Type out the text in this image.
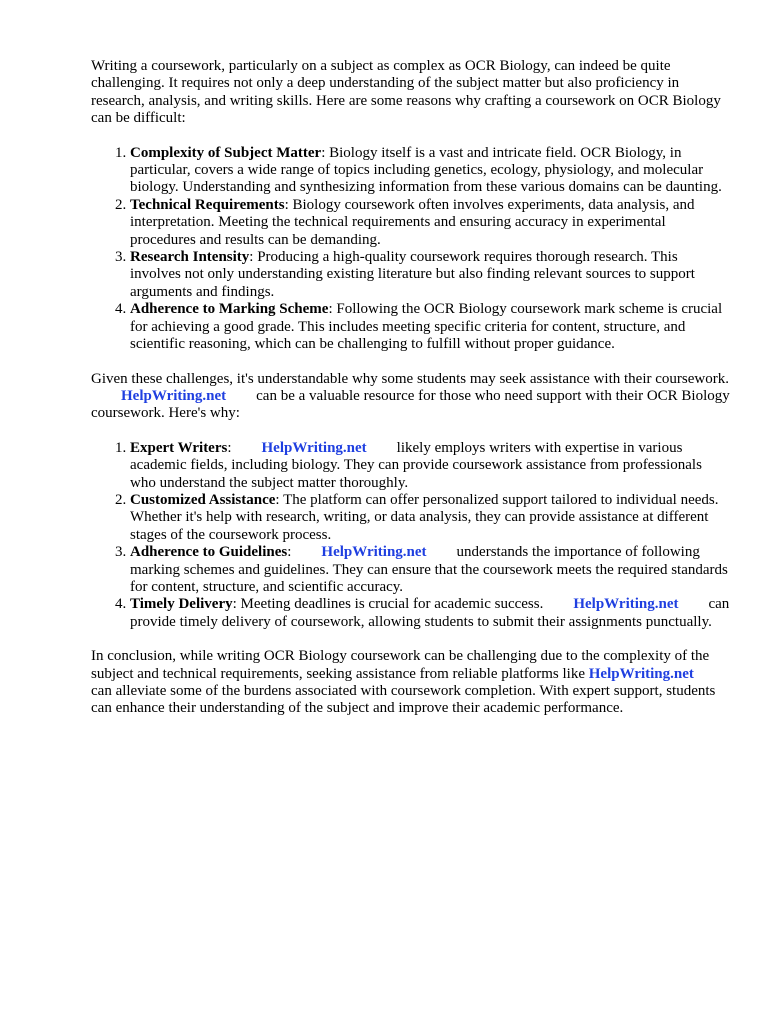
Writing a coursework, particularly on a subject as complex as OCR Biology, can indeed be quite challenging. It requires not only a deep understanding of the subject matter but also proficiency in research, analysis, and writing skills. Here are some reasons why crafting a coursework on OCR Biology can be difficult:

1. Complexity of Subject Matter: Biology itself is a vast and intricate field. OCR Biology, in particular, covers a wide range of topics including genetics, ecology, physiology, and molecular biology. Understanding and synthesizing information from these various domains can be daunting.
2. Technical Requirements: Biology coursework often involves experiments, data analysis, and interpretation. Meeting the technical requirements and ensuring accuracy in experimental procedures and results can be demanding.
3. Research Intensity: Producing a high-quality coursework requires thorough research. This involves not only understanding existing literature but also finding relevant sources to support arguments and findings.
4. Adherence to Marking Scheme: Following the OCR Biology coursework mark scheme is crucial for achieving a good grade. This includes meeting specific criteria for content, structure, and scientific reasoning, which can be challenging to fulfill without proper guidance.

Given these challenges, it's understandable why some students may seek assistance with their coursework.HelpWriting.net can be a valuable resource for those who need support with their OCR Biology coursework. Here's why:

1. Expert Writers: HelpWriting.net likely employs writers with expertise in various academic fields, including biology. They can provide coursework assistance from professionals who understand the subject matter thoroughly.
2. Customized Assistance: The platform can offer personalized support tailored to individual needs. Whether it's help with research, writing, or data analysis, they can provide assistance at different stages of the coursework process.
3. Adherence to Guidelines: HelpWriting.net understands the importance of following marking schemes and guidelines. They can ensure that the coursework meets the required standards for content, structure, and scientific accuracy.
4. Timely Delivery: Meeting deadlines is crucial for academic success. HelpWriting.net can provide timely delivery of coursework, allowing students to submit their assignments punctually.

In conclusion, while writing OCR Biology coursework can be challenging due to the complexity of the subject and technical requirements, seeking assistance from reliable platforms like HelpWriting.netcan alleviate some of the burdens associated with coursework completion. With expert support, students can enhance their understanding of the subject and improve their academic performance.
